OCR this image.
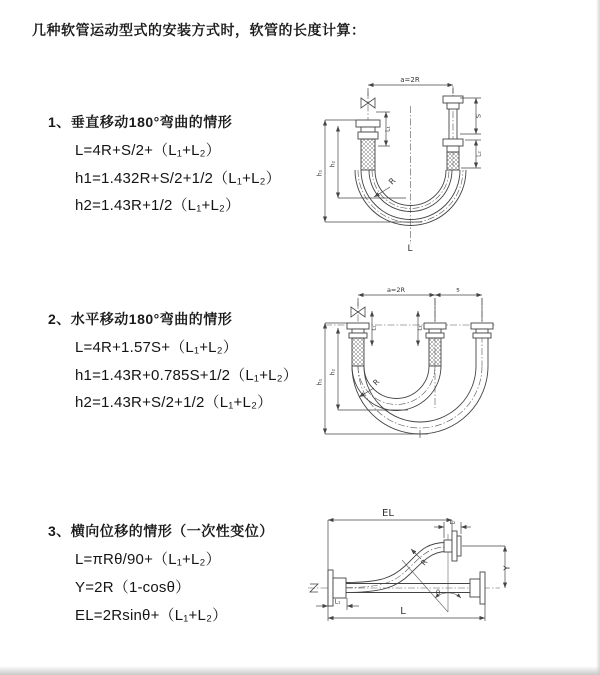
几种软管运动型式的安装方式时，软管的长度计算：
1、垂直移动180°弯曲的情形
L=4R+S/2+（L₁+L₂）
h1=1.432R+S/2+1/2（L₁+L₂）
h2=1.43R+1/2（L₁+L₂）
2、水平移动180°弯曲的情形
L=4R+1.57S+（L₁+L₂）
h1=1.43R+0.785S+1/2（L₁+L₂）
h2=1.43R+S/2+1/2（L₁+L₂）
3、横向位移的情形（一次性变位）
L=πRθ/90+（L₁+L₂）
Y=2R（1-cosθ）
EL=2Rsinθ+（L₁+L₂）
a=2R
S
L₂
L₁
h₁
h₂
R
L
a=2R	s
L₁	L₂
h₁
h₂
R
EL
L₂
Y
R
θ
L
L₁
